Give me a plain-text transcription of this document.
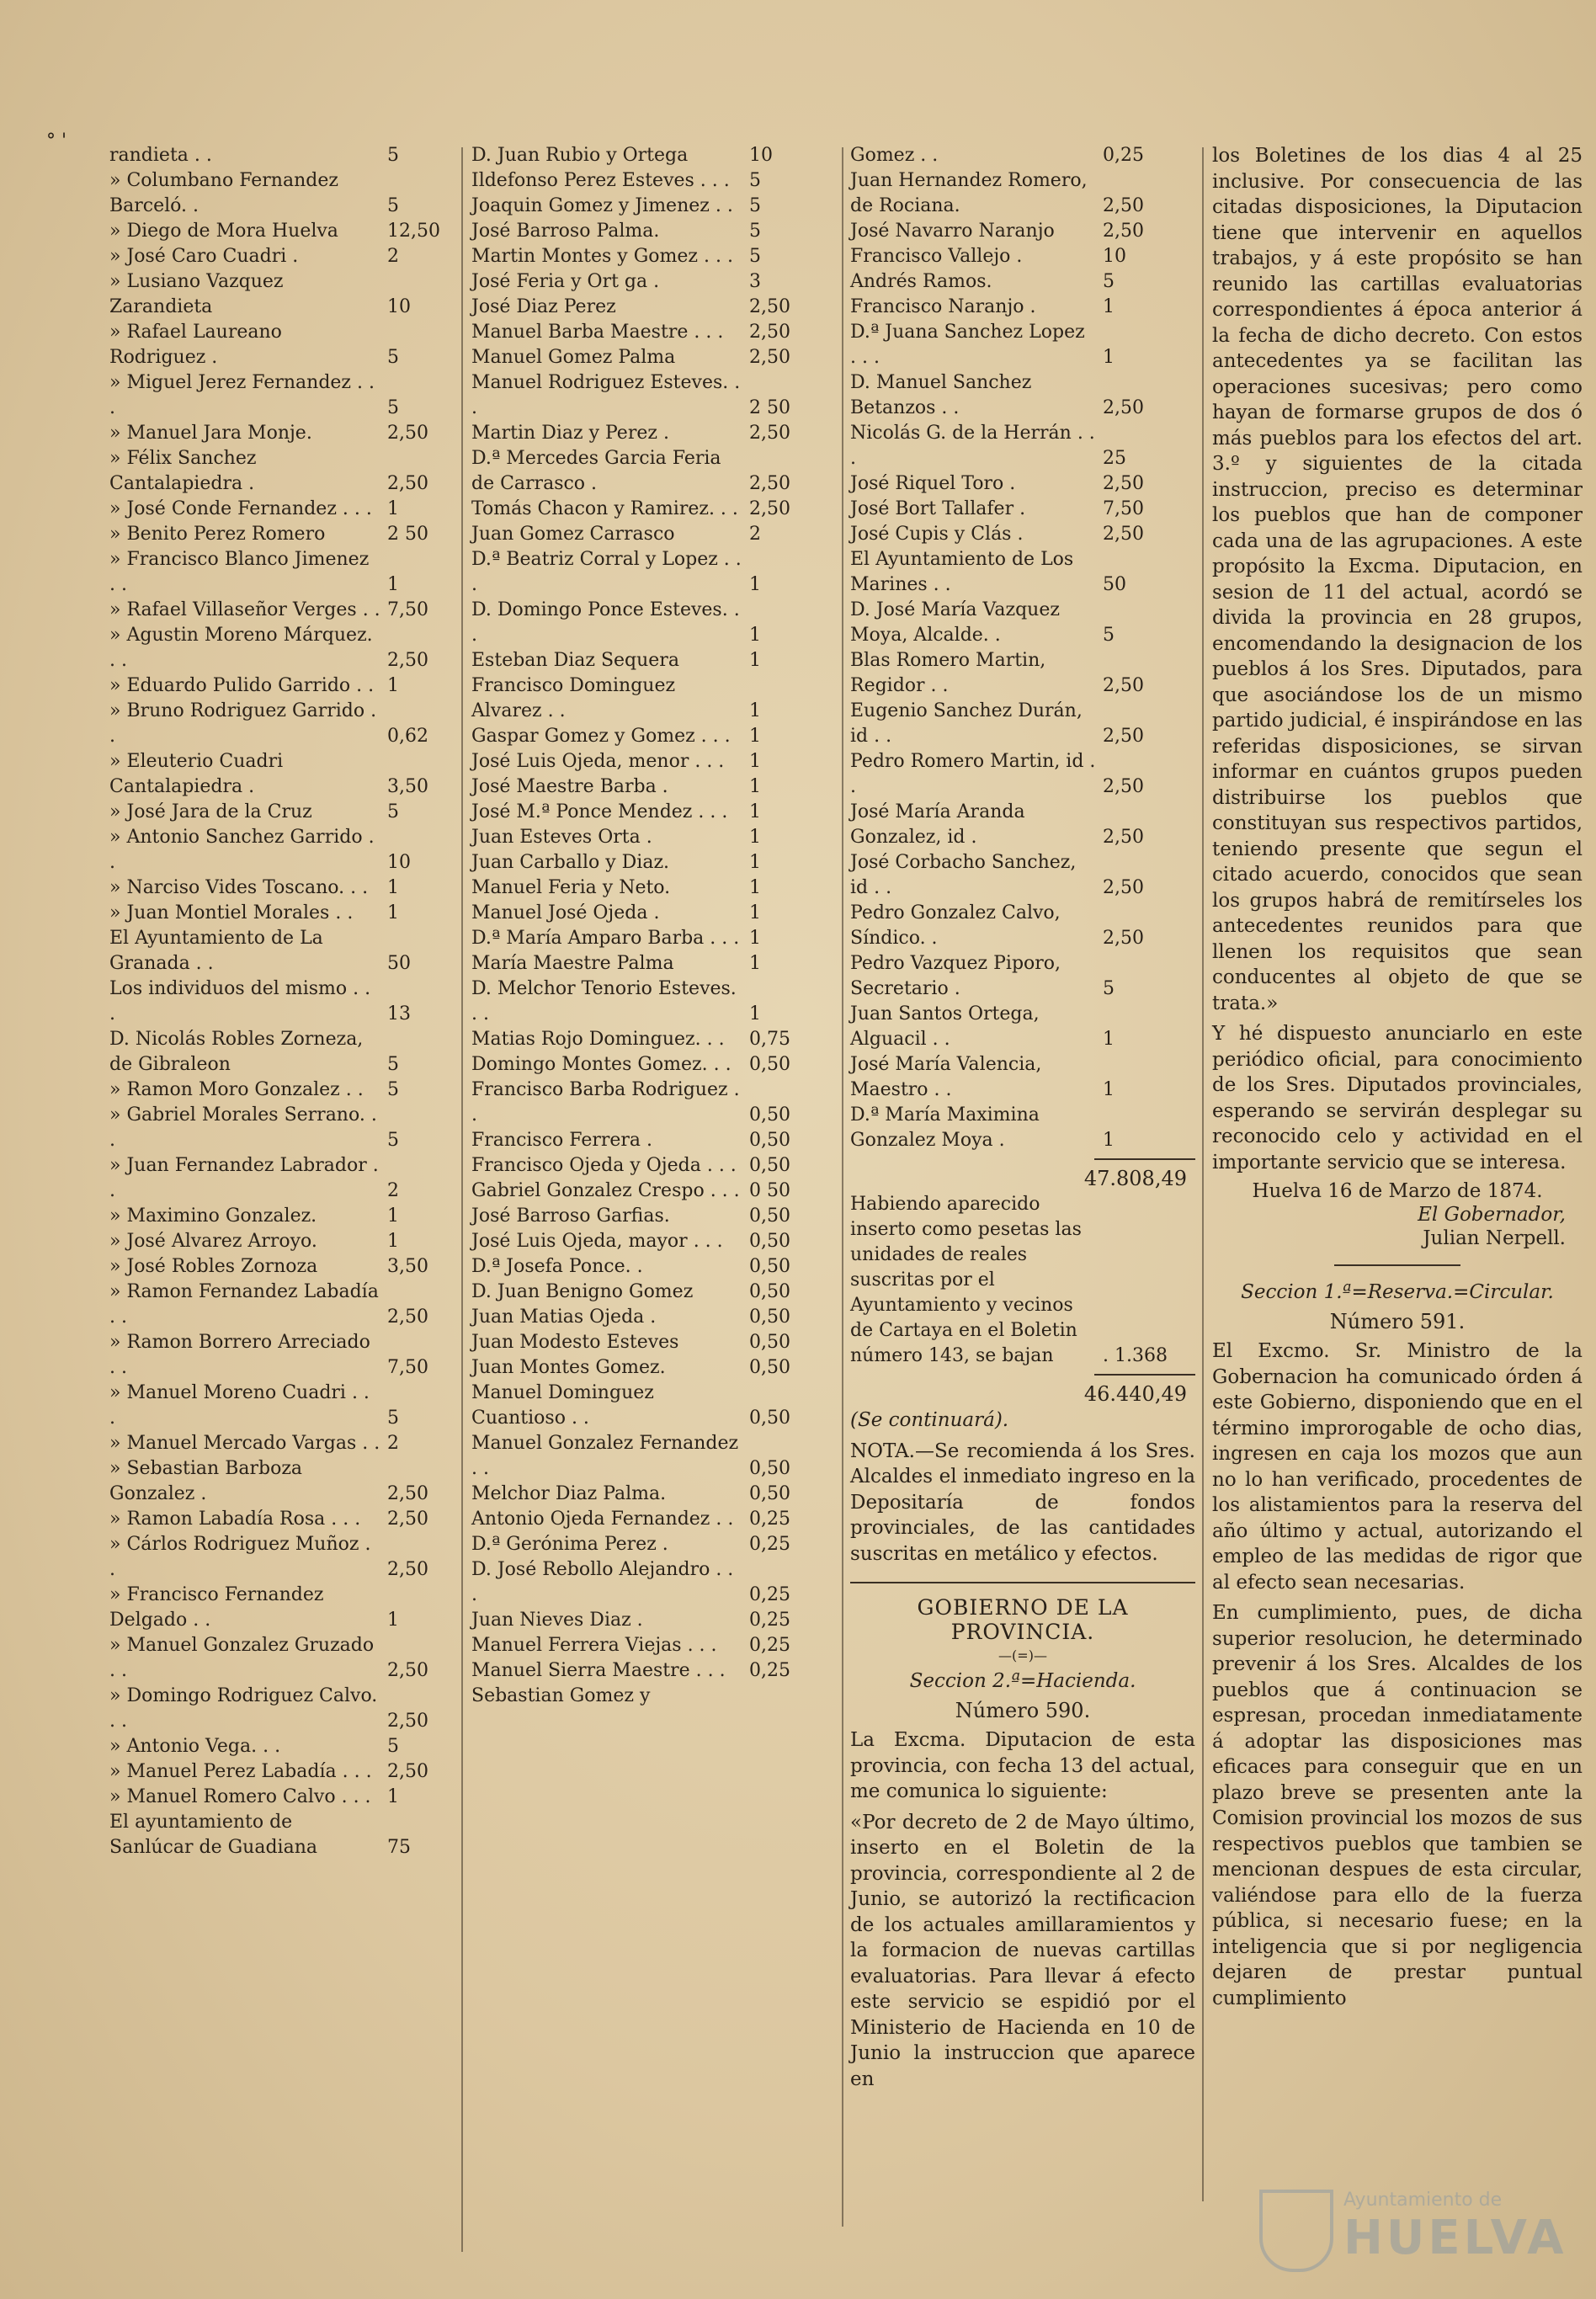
° '
randieta . .	5
» Columbano Fernandez Barceló. .	5
» Diego de Mora Huelva	12,50
» José Caro Cuadri .	2
» Lusiano Vazquez Zarandieta	10
» Rafael Laureano Rodriguez .	5
» Miguel Jerez Fernandez . . .	5
» Manuel Jara Monje.	2,50
» Félix Sanchez Cantalapiedra .	2,50
» José Conde Fernandez . . . 1
» Benito Perez Romero	2 50
» Francisco Blanco Jimenez . .	1
» Rafael Villaseñor Verges . . 7,50
» Agustin Moreno Márquez. . .	2,50
» Eduardo Pulido Garrido . . 1
» Bruno Rodriguez Garrido . .	0,62
» Eleuterio Cuadri Cantalapiedra .	3,50
» José Jara de la Cruz	5
» Antonio Sanchez Garrido . .	10
» Narciso Vides Toscano. . .	1
» Juan Montiel Morales . .	1
El Ayuntamiento de La Granada . .	50
Los individuos del mismo . . .	13
D. Nicolás Robles Zorneza, de Gibraleon	5
» Ramon Moro Gonzalez . .	5
» Gabriel Morales Serrano. . .	5
» Juan Fernandez Labrador . .	2
» Maximino Gonzalez.	1
» José Alvarez Arroyo.	1
» José Robles Zornoza	3,50
» Ramon Fernandez Labadía . .	2,50
» Ramon Borrero Arreciado . .	7,50
» Manuel Moreno Cuadri . . .	5
» Manuel Mercado Vargas . . 2
» Sebastian Barboza Gonzalez .	2,50
» Ramon Labadía Rosa . . .	2,50
» Cárlos Rodriguez Muñoz . .	2,50
» Francisco Fernandez Delgado . .	1
» Manuel Gonzalez Gruzado . .	2,50
» Domingo Rodriguez Calvo. . .	2,50
» Antonio Vega. . .	5
» Manuel Perez Labadía . . . 2,50
» Manuel Romero Calvo . . . 1
El ayuntamiento de Sanlúcar de Guadiana	75
D. Juan Rubio y Ortega	10
Ildefonso Perez Esteves . . .	5
Joaquin Gomez y Jimenez . . 5
José Barroso Palma.	5
Martin Montes y Gomez . . . 5
José Feria y Ort ga .	3
José Diaz Perez	2,50
Manuel Barba Maestre . . .	2,50
Manuel Gomez Palma	2,50
Manuel Rodriguez Esteves. . .	2 50
Martin Diaz y Perez .	2,50
D.ª Mercedes Garcia Feria de Carrasco .	2,50
Tomás Chacon y Ramirez. . . 2,50
Juan Gomez Carrasco	2
D.ª Beatriz Corral y Lopez . . .	1
D. Domingo Ponce Esteves. . .	1
Esteban Diaz Sequera	1
Francisco Dominguez Alvarez . .	1
Gaspar Gomez y Gomez . . .	1
José Luis Ojeda, menor . . .	1
José Maestre Barba .	1
José M.ª Ponce Mendez . . .	1
Juan Esteves Orta .	1
Juan Carballo y Diaz.	1
Manuel Feria y Neto.	1
Manuel José Ojeda .	1
D.ª María Amparo Barba . . . 1
María Maestre Palma	1
D. Melchor Tenorio Esteves. . .	1
Matias Rojo Dominguez. . .	0,75
Domingo Montes Gomez. . . 0,50
Francisco Barba Rodriguez . .	0,50
Francisco Ferrera .	0,50
Francisco Ojeda y Ojeda . . . 0,50
Gabriel Gonzalez Crespo . . . 0 50
José Barroso Garfias.	0,50
José Luis Ojeda, mayor . . .	0,50
D.ª Josefa Ponce. .	0,50
D. Juan Benigno Gomez	0,50
Juan Matias Ojeda .	0,50
Juan Modesto Esteves	0,50
Juan Montes Gomez.	0,50
Manuel Dominguez Cuantioso . .	0,50
Manuel Gonzalez Fernandez . .	0,50
Melchor Diaz Palma.	0,50
Antonio Ojeda Fernandez . . 0,25
D.ª Gerónima Perez .	0,25
D. José Rebollo Alejandro . . .	0,25
Juan Nieves Diaz .	0,25
Manuel Ferrera Viejas . . .	0,25
Manuel Sierra Maestre . . .	0,25
Sebastian Gomez y
Gomez . .	0,25
Juan Hernandez Romero, de Rociana.	2,50
José Navarro Naranjo	2,50
Francisco Vallejo .	10
Andrés Ramos.	5
Francisco Naranjo .	1
D.ª Juana Sanchez Lopez . . .	1
D. Manuel Sanchez Betanzos . .	2,50
Nicolás G. de la Herrán . . .	25
José Riquel Toro .	2,50
José Bort Tallafer .	7,50
José Cupis y Clás .	2,50
El Ayuntamiento de Los Marines . .	50
D. José María Vazquez Moya, Alcalde. .	5
Blas Romero Martin, Regidor . .	2,50
Eugenio Sanchez Durán, id . .	2,50
Pedro Romero Martin, id . .	2,50
José María Aranda Gonzalez, id .	2,50
José Corbacho Sanchez, id . .	2,50
Pedro Gonzalez Calvo, Síndico. .	2,50
Pedro Vazquez Piporo, Secretario .	5
Juan Santos Ortega, Alguacil . .	1
José María Valencia, Maestro . .	1
D.ª María Maximina Gonzalez Moya .	1
47.808,49
Habiendo aparecido inserto como pesetas las unidades de reales suscritas por el Ayuntamiento y vecinos de Cartaya en el Boletin número 143, se bajan	. 1.368
46.440,49

(Se continuará).

NOTA.—Se recomienda á los Sres. Alcaldes el inmediato ingreso en la Depositaría de fondos provinciales, de las cantidades suscritas en metálico y efectos.

GOBIERNO DE LA PROVINCIA.
—(=)—
Seccion 2.ª=Hacienda.
Número 590.

La Excma. Diputacion de esta provincia, con fecha 13 del actual, me comunica lo siguiente:

«Por decreto de 2 de Mayo último, inserto en el Boletin de la provincia, correspondiente al 2 de Junio, se autorizó la rectificacion de los actuales amillaramientos y la formacion de nuevas cartillas evaluatorias. Para llevar á efecto este servicio se espidió por el Ministerio de Hacienda en 10 de Junio la instruccion que aparece en

los Boletines de los dias 4 al 25 inclusive. Por consecuencia de las citadas disposiciones, la Diputacion tiene que intervenir en aquellos trabajos, y á este propósito se han reunido las cartillas evaluatorias correspondientes á época anterior á la fecha de dicho decreto. Con estos antecedentes ya se facilitan las operaciones sucesivas; pero como hayan de formarse grupos de dos ó más pueblos para los efectos del art. 3.º y siguientes de la citada instruccion, preciso es determinar los pueblos que han de componer cada una de las agrupaciones. A este propósito la Excma. Diputacion, en sesion de 11 del actual, acordó se divida la provincia en 28 grupos, encomendando la designacion de los pueblos á los Sres. Diputados, para que asociándose los de un mismo partido judicial, é inspirándose en las referidas disposiciones, se sirvan informar en cuántos grupos pueden distribuirse los pueblos que constituyan sus respectivos partidos, teniendo presente que segun el citado acuerdo, conocidos que sean los grupos habrá de remitírseles los antecedentes reunidos para que llenen los requisitos que sean conducentes al objeto de que se trata.»

Y hé dispuesto anunciarlo en este periódico oficial, para conocimiento de los Sres. Diputados provinciales, esperando se servirán desplegar su reconocido celo y actividad en el importante servicio que se interesa.

Huelva 16 de Marzo de 1874.
El Gobernador,
Julian Nerpell.
Seccion 1.ª=Reserva.=Circular.
Número 591.

El Excmo. Sr. Ministro de la Gobernacion ha comunicado órden á este Gobierno, disponiendo que en el término improrogable de ocho dias, ingresen en caja los mozos que aun no lo han verificado, procedentes de los alistamientos para la reserva del año último y actual, autorizando el empleo de las medidas de rigor que al efecto sean necesarias.

En cumplimiento, pues, de dicha superior resolucion, he determinado prevenir á los Sres. Alcaldes de los pueblos que á continuacion se espresan, procedan inmediatamente á adoptar las disposiciones mas eficaces para conseguir que en un plazo breve se presenten ante la Comision provincial los mozos de sus respectivos pueblos que tambien se mencionan despues de esta circular, valiéndose para ello de la fuerza pública, si necesario fuese; en la inteligencia que si por negligencia dejaren de prestar puntual cumplimiento

Ayuntamiento de
HUELVA
